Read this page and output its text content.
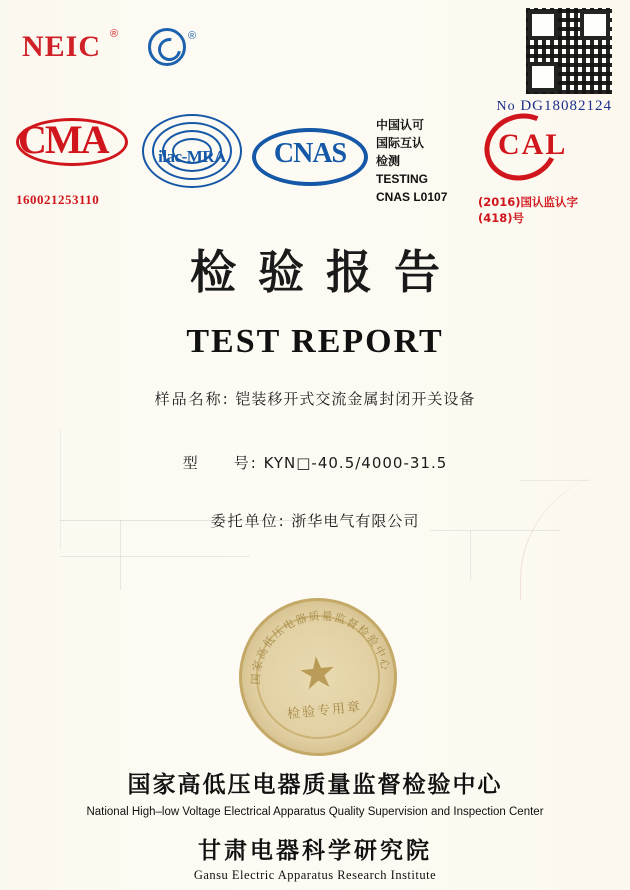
NEIC ®	®
No DG18082124
CMA
160021253110
ilac-MRA	CNAS
中国认可
国际互认
检测
TESTING
CNAS L0107
CAL
(2016)国认监认字(418)号
检验报告
TEST REPORT
样品名称: 铠装移开式交流金属封闭开关设备
型　　号: KYN□-40.5/4000-31.5
委托单位: 浙华电气有限公司
国家高低压电器质量监督检验中心
★
检验专用章
国家高低压电器质量监督检验中心
National High–low Voltage Electrical Apparatus Quality Supervision and Inspection Center
甘肃电器科学研究院
Gansu Electric Apparatus Research Institute
